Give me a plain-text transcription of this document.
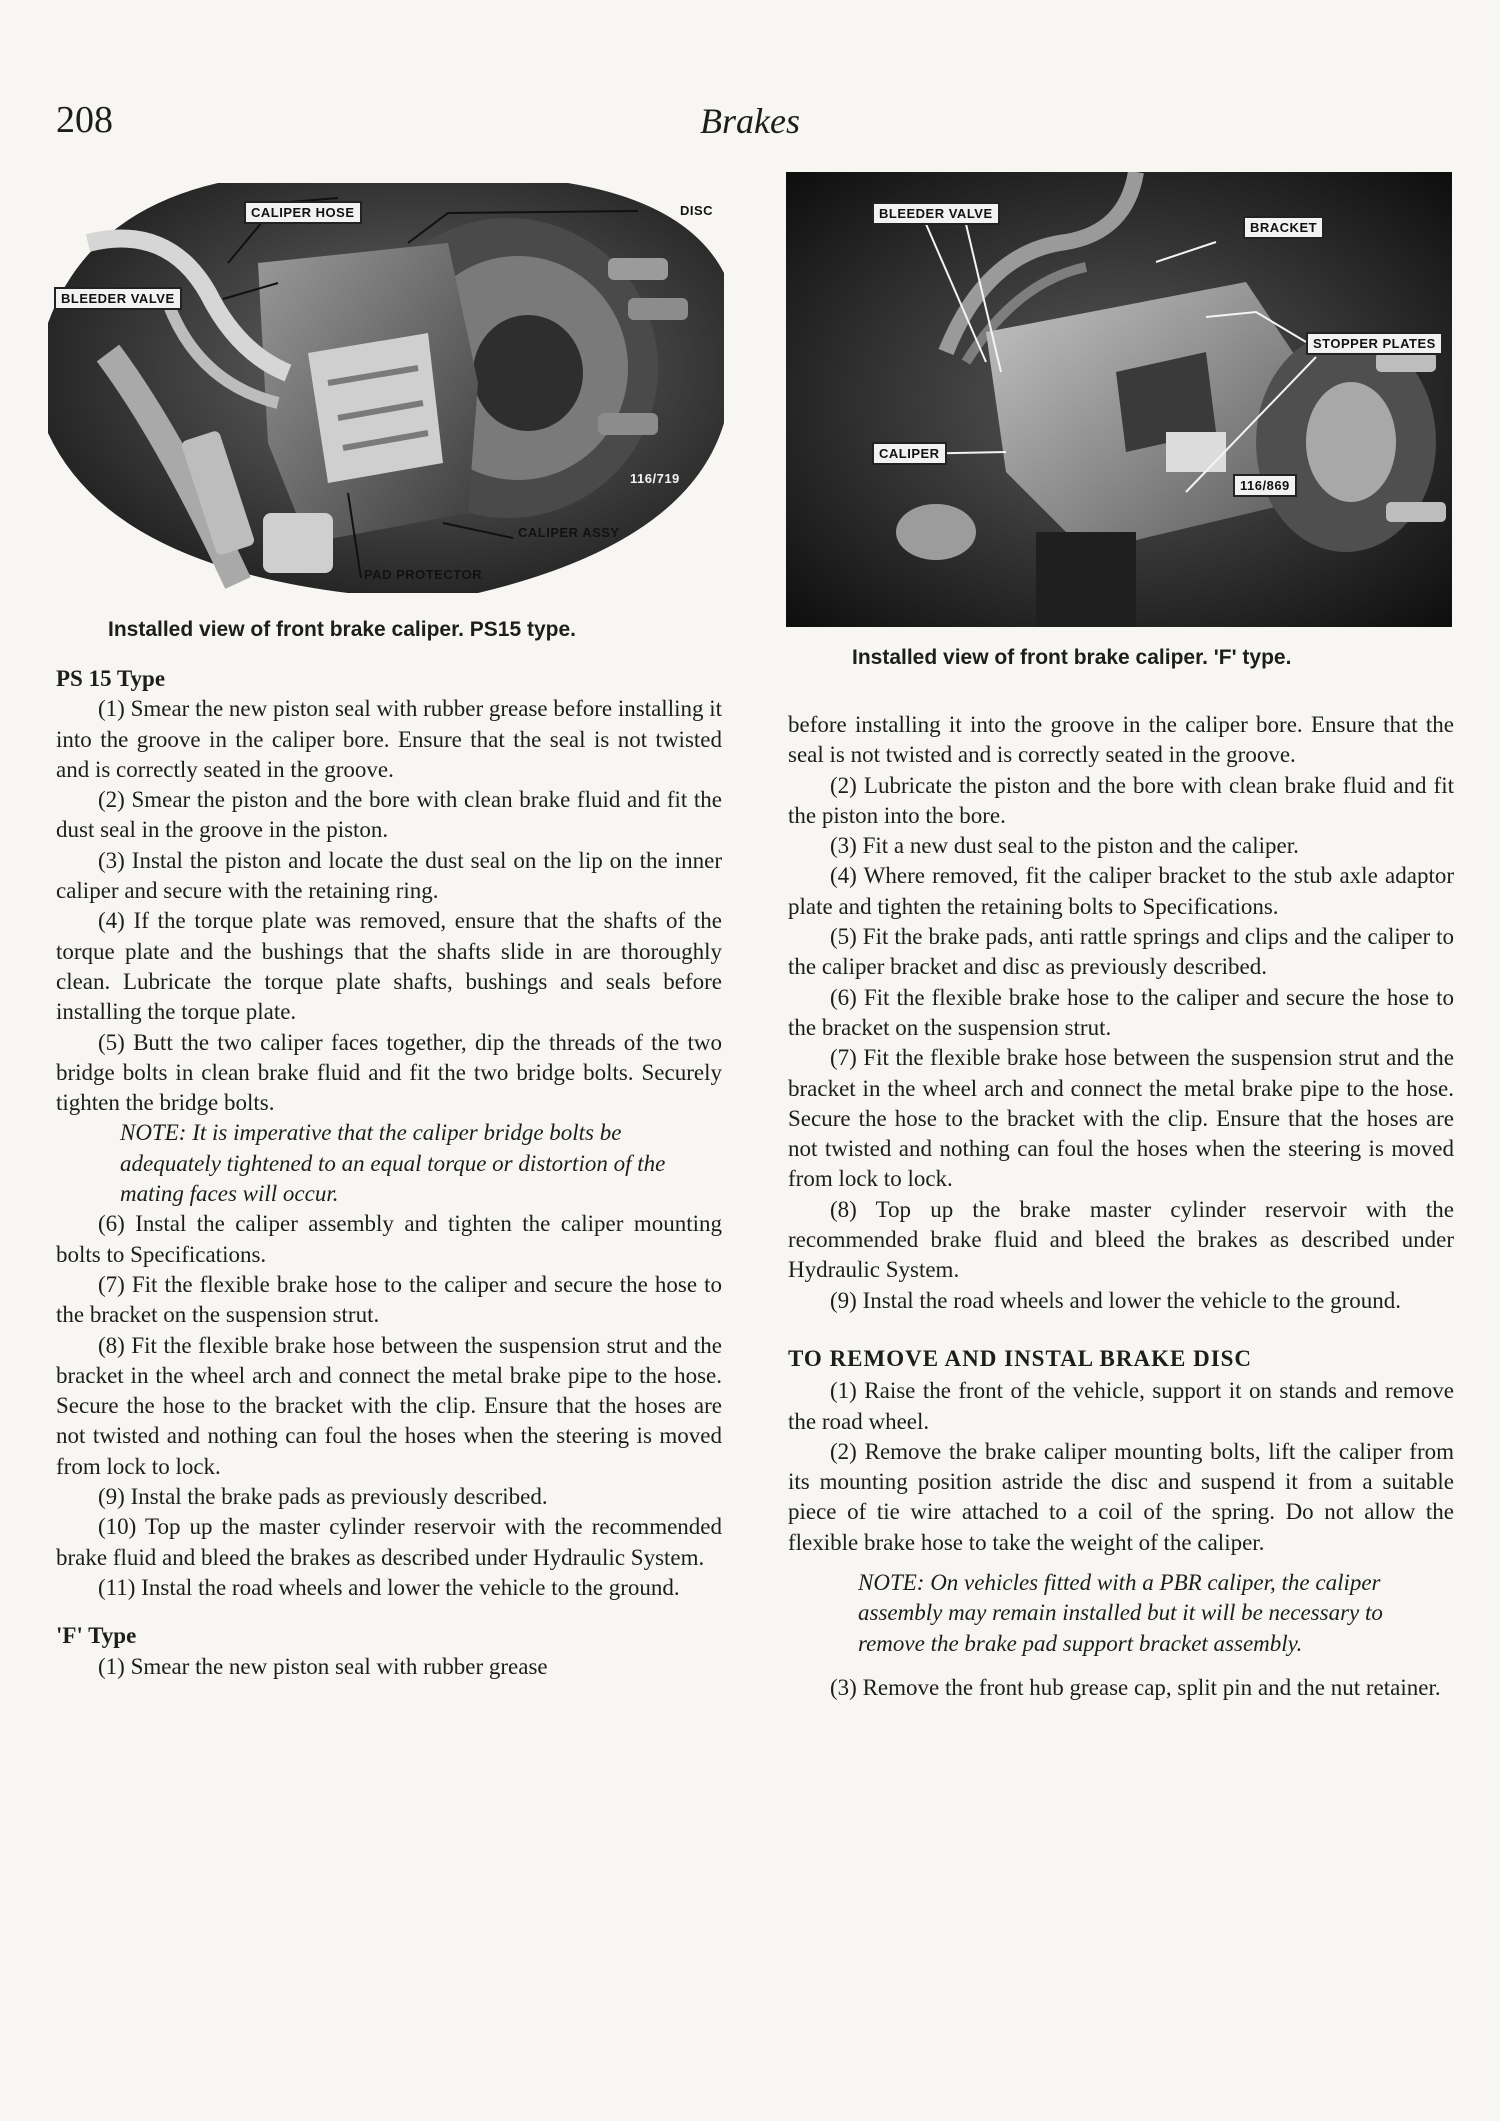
208	Brakes
CALIPER HOSE	DISC
BLEEDER VALVE
116/719
CALIPER ASSY
PAD PROTECTOR
Installed view of front brake caliper. PS15 type.
BLEEDER VALVE
BRACKET
STOPPER PLATES
CALIPER
116/869
Installed view of front brake caliper. 'F' type.
PS 15 Type

(1) Smear the new piston seal with rubber grease before installing it into the groove in the caliper bore. Ensure that the seal is not twisted and is correctly seated in the groove.

(2) Smear the piston and the bore with clean brake fluid and fit the dust seal in the groove in the piston.

(3) Instal the piston and locate the dust seal on the lip on the inner caliper and secure with the retaining ring.

(4) If the torque plate was removed, ensure that the shafts of the torque plate and the bushings that the shafts slide in are thoroughly clean. Lubricate the torque plate shafts, bushings and seals before installing the torque plate.

(5) Butt the two caliper faces together, dip the threads of the two bridge bolts in clean brake fluid and fit the two bridge bolts. Securely tighten the bridge bolts.

NOTE: It is imperative that the caliper bridge bolts be adequately tightened to an equal torque or distortion of the mating faces will occur.

(6) Instal the caliper assembly and tighten the caliper mounting bolts to Specifications.

(7) Fit the flexible brake hose to the caliper and secure the hose to the bracket on the suspension strut.

(8) Fit the flexible brake hose between the suspension strut and the bracket in the wheel arch and connect the metal brake pipe to the hose. Secure the hose to the bracket with the clip. Ensure that the hoses are not twisted and nothing can foul the hoses when the steering is moved from lock to lock.

(9) Instal the brake pads as previously described.

(10) Top up the master cylinder reservoir with the recommended brake fluid and bleed the brakes as described under Hydraulic System.

(11) Instal the road wheels and lower the vehicle to the ground.

'F' Type

(1) Smear the new piston seal with rubber grease

before installing it into the groove in the caliper bore. Ensure that the seal is not twisted and is correctly seated in the groove.

(2) Lubricate the piston and the bore with clean brake fluid and fit the piston into the bore.

(3) Fit a new dust seal to the piston and the caliper.

(4) Where removed, fit the caliper bracket to the stub axle adaptor plate and tighten the retaining bolts to Specifications.

(5) Fit the brake pads, anti rattle springs and clips and the caliper to the caliper bracket and disc as previously described.

(6) Fit the flexible brake hose to the caliper and secure the hose to the bracket on the suspension strut.

(7) Fit the flexible brake hose between the suspension strut and the bracket in the wheel arch and connect the metal brake pipe to the hose. Secure the hose to the bracket with the clip. Ensure that the hoses are not twisted and nothing can foul the hoses when the steering is moved from lock to lock.

(8) Top up the brake master cylinder reservoir with the recommended brake fluid and bleed the brakes as described under Hydraulic System.

(9) Instal the road wheels and lower the vehicle to the ground.

TO REMOVE AND INSTAL BRAKE DISC

(1) Raise the front of the vehicle, support it on stands and remove the road wheel.

(2) Remove the brake caliper mounting bolts, lift the caliper from its mounting position astride the disc and suspend it from a suitable piece of tie wire attached to a coil of the spring. Do not allow the flexible brake hose to take the weight of the caliper.

NOTE: On vehicles fitted with a PBR caliper, the caliper assembly may remain installed but it will be necessary to remove the brake pad support bracket assembly.

(3) Remove the front hub grease cap, split pin and the nut retainer.
